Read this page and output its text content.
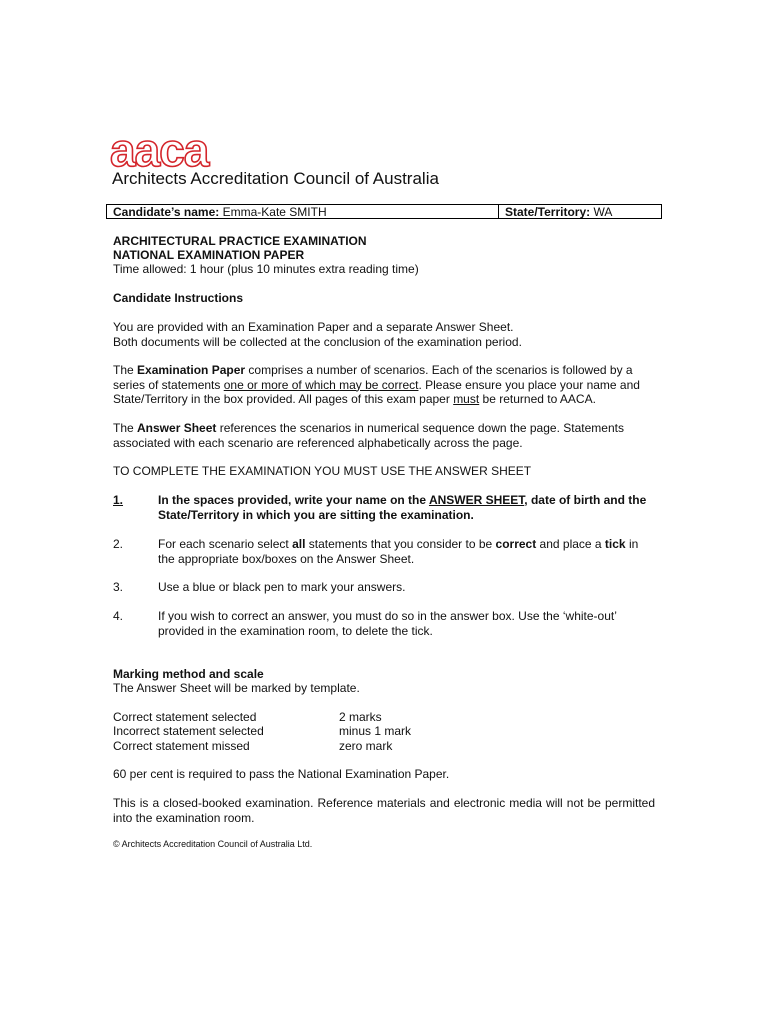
aaca
Architects Accreditation Council of Australia
Candidate’s name: Emma-Kate SMITH	State/Territory: WA
ARCHITECTURAL PRACTICE EXAMINATION
NATIONAL EXAMINATION PAPER
Time allowed: 1 hour (plus 10 minutes extra reading time)
Candidate Instructions
You are provided with an Examination Paper and a separate Answer Sheet.
Both documents will be collected at the conclusion of the examination period.
The Examination Paper comprises a number of scenarios. Each of the scenarios is followed by a series of statements one or more of which may be correct. Please ensure you place your name and State/Territory in the box provided. All pages of this exam paper must be returned to AACA.
The Answer Sheet references the scenarios in numerical sequence down the page. Statements associated with each scenario are referenced alphabetically across the page.
TO COMPLETE THE EXAMINATION YOU MUST USE THE ANSWER SHEET
1.	In the spaces provided, write your name on the ANSWER SHEET, date of birth and the State/Territory in which you are sitting the examination.
2.	For each scenario select all statements that you consider to be correct and place a tick in the appropriate box/boxes on the Answer Sheet.
3.	Use a blue or black pen to mark your answers.
4.	If you wish to correct an answer, you must do so in the answer box. Use the ‘white-out’ provided in the examination room, to delete the tick.
Marking method and scale
The Answer Sheet will be marked by template.
Correct statement selected	2 marks
Incorrect statement selected	minus 1 mark
Correct statement missed	zero mark
60 per cent is required to pass the National Examination Paper.
This is a closed-booked examination. Reference materials and electronic media will not be permitted into the examination room.
© Architects Accreditation Council of Australia Ltd.
